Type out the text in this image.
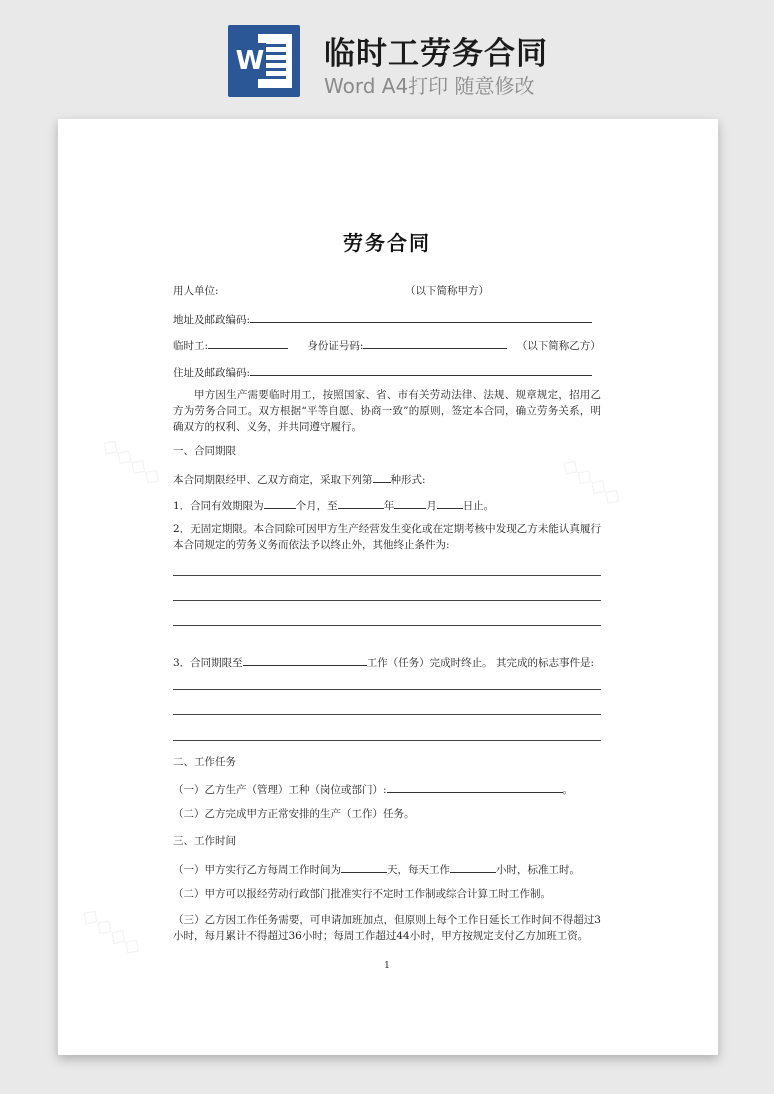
W 临时工劳务合同
Word A4打印 随意修改
◇◇◇◇	◇◇◇◇
◇◇◇◇
劳务合同
用人单位:	（以下简称甲方）
地址及邮政编码:
临时工:	身份证号码:	（以下简称乙方）
住址及邮政编码:
甲方因生产需要临时用工，按照国家、省、市有关劳动法律、法规、规章规定，招用乙方为劳务合同工。双方根据“平等自愿、协商一致”的原则，签定本合同，确立劳务关系，明确双方的权利、义务，并共同遵守履行。
一、合同期限
本合同期限经甲、乙双方商定，采取下列第 种形式:
1．合同有效期限为	个月，至	年	月 日止。
2．无固定期限。本合同除可因甲方生产经营发生变化或在定期考核中发现乙方未能认真履行本合同规定的劳务义务而依法予以终止外，其他终止条件为:
3．合同期限至	工作（任务）完成时终止。 其完成的标志事件是:
二、工作任务
（一）乙方生产（管理）工种（岗位或部门）:	。
（二）乙方完成甲方正常安排的生产（工作）任务。
三、工作时间
（一）甲方实行乙方每周工作时间为	天，每天工作	小时，标准工时。
（二）甲方可以报经劳动行政部门批准实行不定时工作制或综合计算工时工作制。
（三）乙方因工作任务需要，可申请加班加点，但原则上每个工作日延长工作时间不得超过3小时，每月累计不得超过36小时；每周工作超过44小时，甲方按规定支付乙方加班工资。
1
